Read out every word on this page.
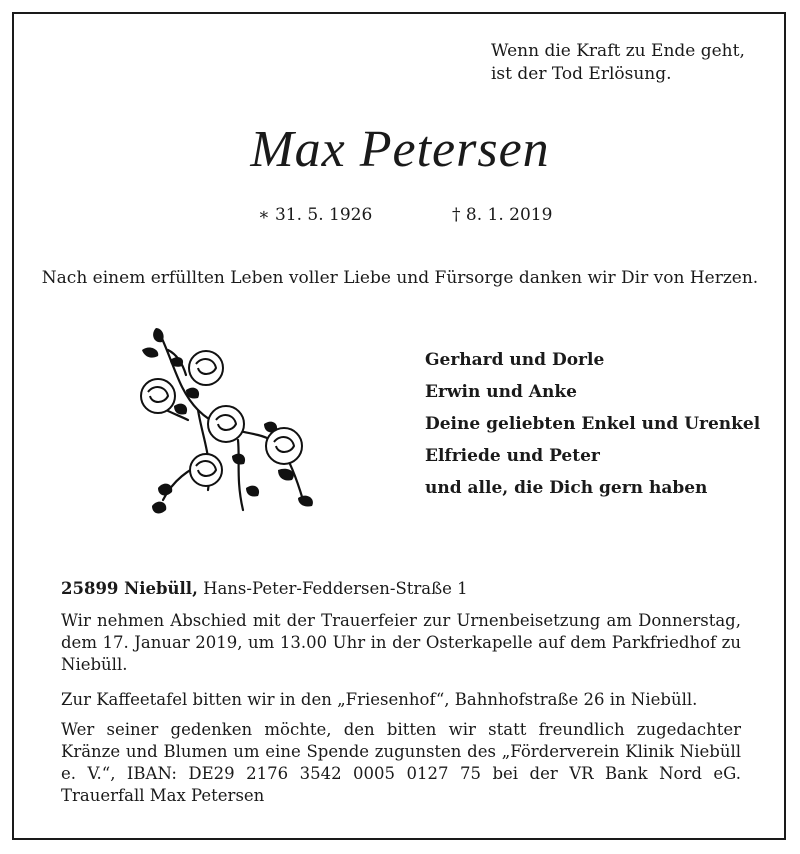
Wenn die Kraft zu Ende geht,
ist der Tod Erlösung.
Max Petersen
∗ 31. 5. 1926	† 8. 1. 2019
Nach einem erfüllten Leben voller Liebe und Fürsorge danken wir Dir von Herzen.
Gerhard und Dorle
Erwin und Anke
Deine geliebten Enkel und Urenkel
Elfriede und Peter
und alle, die Dich gern haben
25899 Niebüll, Hans-Peter-Feddersen-Straße 1
Wir nehmen Abschied mit der Trauerfeier zur Urnenbeisetzung am Donnerstag, dem 17. Januar 2019, um 13.00 Uhr in der Osterkapelle auf dem Parkfriedhof zu Niebüll.
Zur Kaffeetafel bitten wir in den „Friesenhof“, Bahnhofstraße 26 in Niebüll.
Wer seiner gedenken möchte, den bitten wir statt freundlich zugedachter Kränze und Blumen um eine Spende zugunsten des „Förderverein Klinik Niebüll e. V.“, IBAN: DE29 2176 3542 0005 0127 75 bei der VR Bank Nord eG. Trauerfall Max Petersen
